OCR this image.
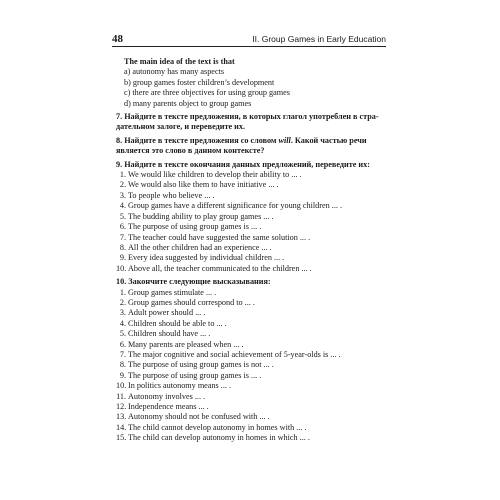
48	II. Group Games in Early Education
The main idea of the text is that
a) autonomy has many aspects
b) group games foster children’s development
c) there are three objectives for using group games
d) many parents object to group games
7. Найдите в тексте предложения, в которых глагол употреблен в стра-
дательном залоге, и переведите их.
8. Найдите в тексте предложения со словом will. Какой частью речи
является это слово в данном контексте?
9. Найдите в тексте окончания данных предложений, переведите их:
1. We would like children to develop their ability to ... .
2. We would also like them to have initiative ... .
3. To people who believe ... .
4. Group games have a different significance for young children ... .
5. The budding ability to play group games ... .
6. The purpose of using group games is ... .
7. The teacher could have suggested the same solution ... .
8. All the other children had an experience ... .
9. Every idea suggested by individual children ... .
10. Above all, the teacher communicated to the children ... .
10. Закончите следующие высказывания:
1. Group games stimulate ... .
2. Group games should correspond to ... .
3. Adult power should ... .
4. Children should be able to ... .
5. Children should have ... .
6. Many parents are pleased when ... .
7. The major cognitive and social achievement of 5-year-olds is ... .
8. The purpose of using group games is not ... .
9. The purpose of using group games is ... .
10. In politics autonomy means ... .
11. Autonomy involves ... .
12. Independence means ... .
13. Autonomy should not be confused with ... .
14. The child cannot develop autonomy in homes with ... .
15. The child can develop autonomy in homes in which ... .
